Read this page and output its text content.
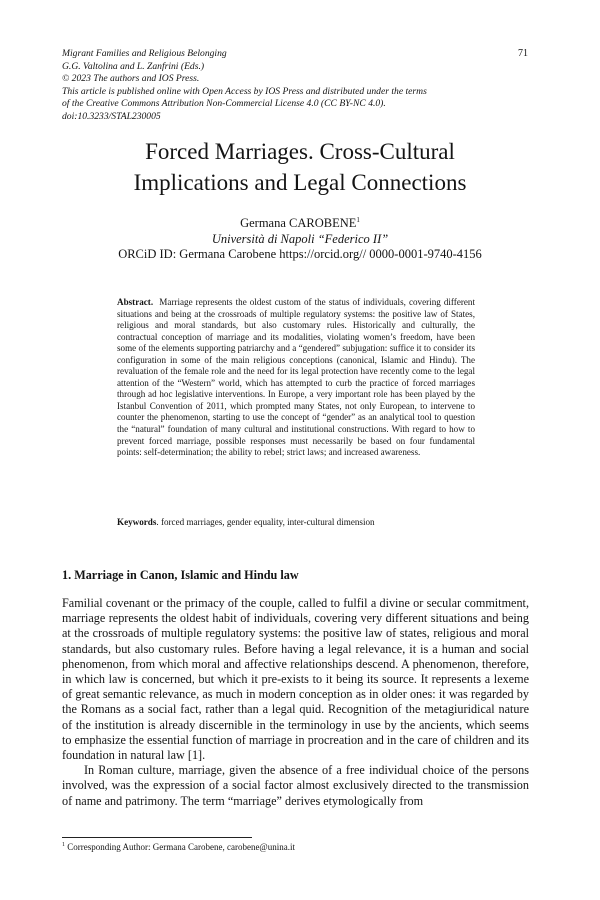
Migrant Families and Religious Belonging
G.G. Valtolina and L. Zanfrini (Eds.)
© 2023 The authors and IOS Press.
This article is published online with Open Access by IOS Press and distributed under the terms
of the Creative Commons Attribution Non-Commercial License 4.0 (CC BY-NC 4.0).
doi:10.3233/STAL230005
71
Forced Marriages. Cross-Cultural
Implications and Legal Connections
Germana CAROBENE$^1$
Università di Napoli “Federico II”
ORCiD ID: Germana Carobene https://orcid.org// 0000-0001-9740-4156
Abstract. Marriage represents the oldest custom of the status of individuals, covering different situations and being at the crossroads of multiple regulatory systems: the positive law of States, religious and moral standards, but also customary rules. Historically and culturally, the contractual conception of marriage and its modalities, violating women’s freedom, have been some of the elements supporting patriarchy and a “gendered” subjugation: suffice it to consider its configuration in some of the main religious conceptions (canonical, Islamic and Hindu). The revaluation of the female role and the need for its legal protection have recently come to the legal attention of the “Western” world, which has attempted to curb the practice of forced marriages through ad hoc legislative interventions. In Europe, a very important role has been played by the Istanbul Convention of 2011, which prompted many States, not only European, to intervene to counter the phenomenon, starting to use the concept of “gender” as an analytical tool to question the “natural” foundation of many cultural and institutional constructions. With regard to how to prevent forced marriage, possible responses must necessarily be based on four fundamental points: self-determination; the ability to rebel; strict laws; and increased awareness.
Keywords. forced marriages, gender equality, inter-cultural dimension
1. Marriage in Canon, Islamic and Hindu law

Familial covenant or the primacy of the couple, called to fulfil a divine or secular commitment, marriage represents the oldest habit of individuals, covering very different situations and being at the crossroads of multiple regulatory systems: the positive law of states, religious and moral standards, but also customary rules. Before having a legal relevance, it is a human and social phenomenon, from which moral and affective relationships descend. A phenomenon, therefore, in which law is concerned, but which it pre-exists to it being its source. It represents a lexeme of great semantic relevance, as much in modern conception as in older ones: it was regarded by the Romans as a social fact, rather than a legal quid. Recognition of the metagiuridical nature of the institution is already discernible in the terminology in use by the ancients, which seems to emphasize the essential function of marriage in procreation and in the care of children and its foundation in natural law [1].

In Roman culture, marriage, given the absence of a free individual choice of the persons involved, was the expression of a social factor almost exclusively directed to the transmission of name and patrimony. The term “marriage” derives etymologically from

$^1$ Corresponding Author: Germana Carobene, carobene@unina.it
